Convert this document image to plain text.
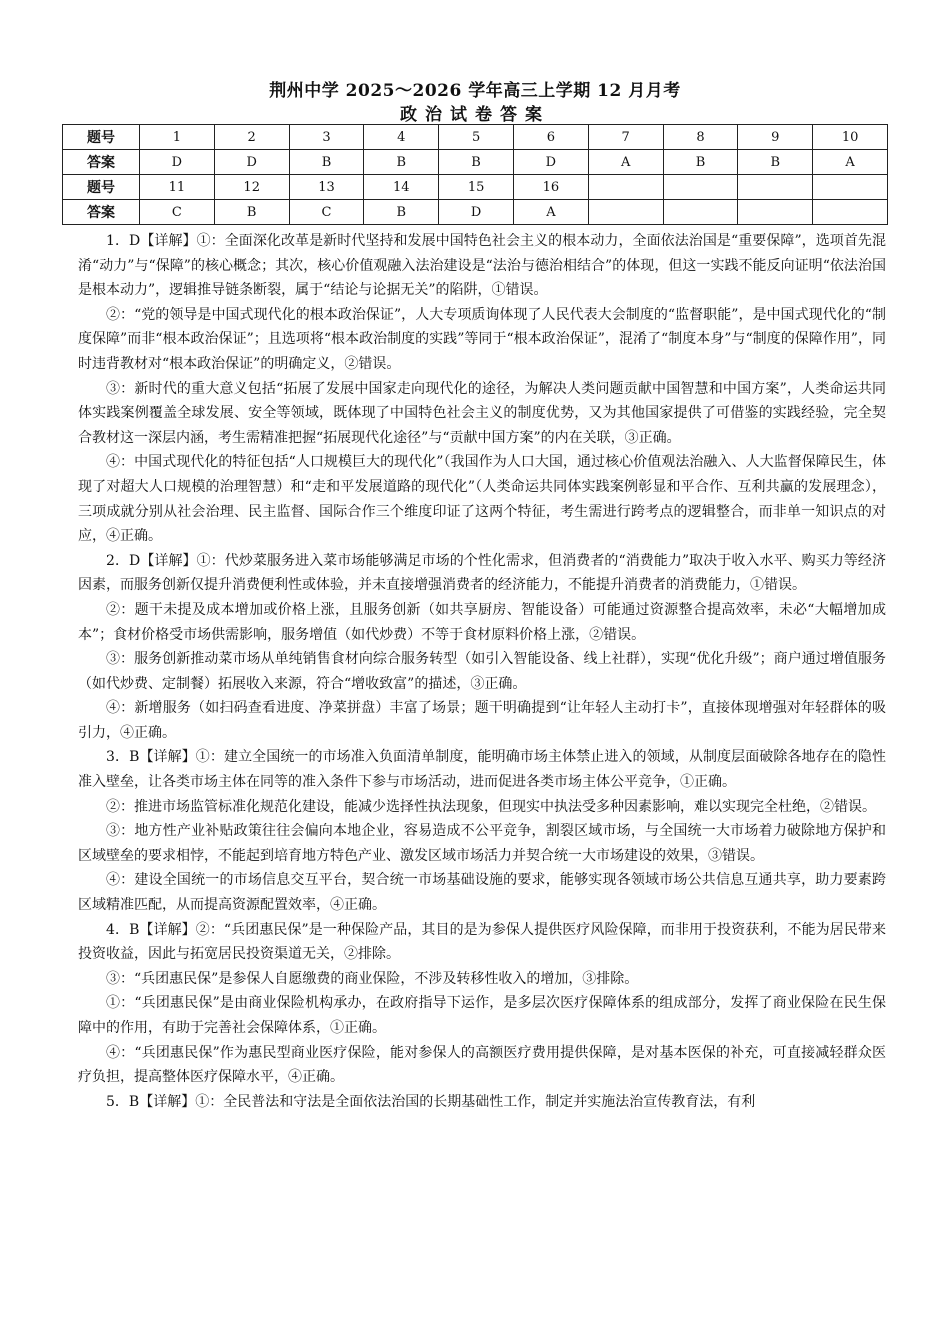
荆州中学 2025～2026 学年高三上学期 12 月月考
政治试卷答案
题号	1	2	3	4	5	6	7	8	9	10
答案	D	D	B	B	B	D	A	B	B	A
题号	11	12	13	14	15	16				
答案	C	B	C	B	D	A				

1．D【详解】①：全面深化改革是新时代坚持和发展中国特色社会主义的根本动力，全面依法治国是“重要保障”，选项首先混淆“动力”与“保障”的核心概念；其次，核心价值观融入法治建设是“法治与德治相结合”的体现，但这一实践不能反向证明“依法治国是根本动力”，逻辑推导链条断裂，属于“结论与论据无关”的陷阱，①错误。

②：“党的领导是中国式现代化的根本政治保证”，人大专项质询体现了人民代表大会制度的“监督职能”，是中国式现代化的“制度保障”而非“根本政治保证”；且选项将“根本政治制度的实践”等同于“根本政治保证”，混淆了“制度本身”与“制度的保障作用”，同时违背教材对“根本政治保证”的明确定义，②错误。

③：新时代的重大意义包括“拓展了发展中国家走向现代化的途径，为解决人类问题贡献中国智慧和中国方案”，人类命运共同体实践案例覆盖全球发展、安全等领域，既体现了中国特色社会主义的制度优势，又为其他国家提供了可借鉴的实践经验，完全契合教材这一深层内涵，考生需精准把握“拓展现代化途径”与“贡献中国方案”的内在关联，③正确。

④：中国式现代化的特征包括“人口规模巨大的现代化”（我国作为人口大国，通过核心价值观法治融入、人大监督保障民生，体现了对超大人口规模的治理智慧）和“走和平发展道路的现代化”（人类命运共同体实践案例彰显和平合作、互利共赢的发展理念），三项成就分别从社会治理、民主监督、国际合作三个维度印证了这两个特征，考生需进行跨考点的逻辑整合，而非单一知识点的对应，④正确。

2．D【详解】①：代炒菜服务进入菜市场能够满足市场的个性化需求，但消费者的“消费能力”取决于收入水平、购买力等经济因素，而服务创新仅提升消费便利性或体验，并未直接增强消费者的经济能力，不能提升消费者的消费能力，①错误。

②：题干未提及成本增加或价格上涨，且服务创新（如共享厨房、智能设备）可能通过资源整合提高效率，未必“大幅增加成本”；食材价格受市场供需影响，服务增值（如代炒费）不等于食材原料价格上涨，②错误。

③：服务创新推动菜市场从单纯销售食材向综合服务转型（如引入智能设备、线上社群），实现“优化升级”；商户通过增值服务（如代炒费、定制餐）拓展收入来源，符合“增收致富”的描述，③正确。

④：新增服务（如扫码查看进度、净菜拼盘）丰富了场景；题干明确提到“让年轻人主动打卡”，直接体现增强对年轻群体的吸引力，④正确。

3．B【详解】①：建立全国统一的市场准入负面清单制度，能明确市场主体禁止进入的领域，从制度层面破除各地存在的隐性准入壁垒，让各类市场主体在同等的准入条件下参与市场活动，进而促进各类市场主体公平竞争，①正确。

②：推进市场监管标准化规范化建设，能减少选择性执法现象，但现实中执法受多种因素影响，难以实现完全杜绝，②错误。

③：地方性产业补贴政策往往会偏向本地企业，容易造成不公平竞争，割裂区域市场，与全国统一大市场着力破除地方保护和区域壁垒的要求相悖，不能起到培育地方特色产业、激发区域市场活力并契合统一大市场建设的效果，③错误。

④：建设全国统一的市场信息交互平台，契合统一市场基础设施的要求，能够实现各领域市场公共信息互通共享，助力要素跨区域精准匹配，从而提高资源配置效率，④正确。

4．B【详解】②：“兵团惠民保”是一种保险产品，其目的是为参保人提供医疗风险保障，而非用于投资获利，不能为居民带来投资收益，因此与拓宽居民投资渠道无关，②排除。

③：“兵团惠民保”是参保人自愿缴费的商业保险，不涉及转移性收入的增加，③排除。

①：“兵团惠民保”是由商业保险机构承办，在政府指导下运作，是多层次医疗保障体系的组成部分，发挥了商业保险在民生保障中的作用，有助于完善社会保障体系，①正确。

④：“兵团惠民保”作为惠民型商业医疗保险，能对参保人的高额医疗费用提供保障，是对基本医保的补充，可直接减轻群众医疗负担，提高整体医疗保障水平，④正确。

5．B【详解】①：全民普法和守法是全面依法治国的长期基础性工作，制定并实施法治宣传教育法，有利
